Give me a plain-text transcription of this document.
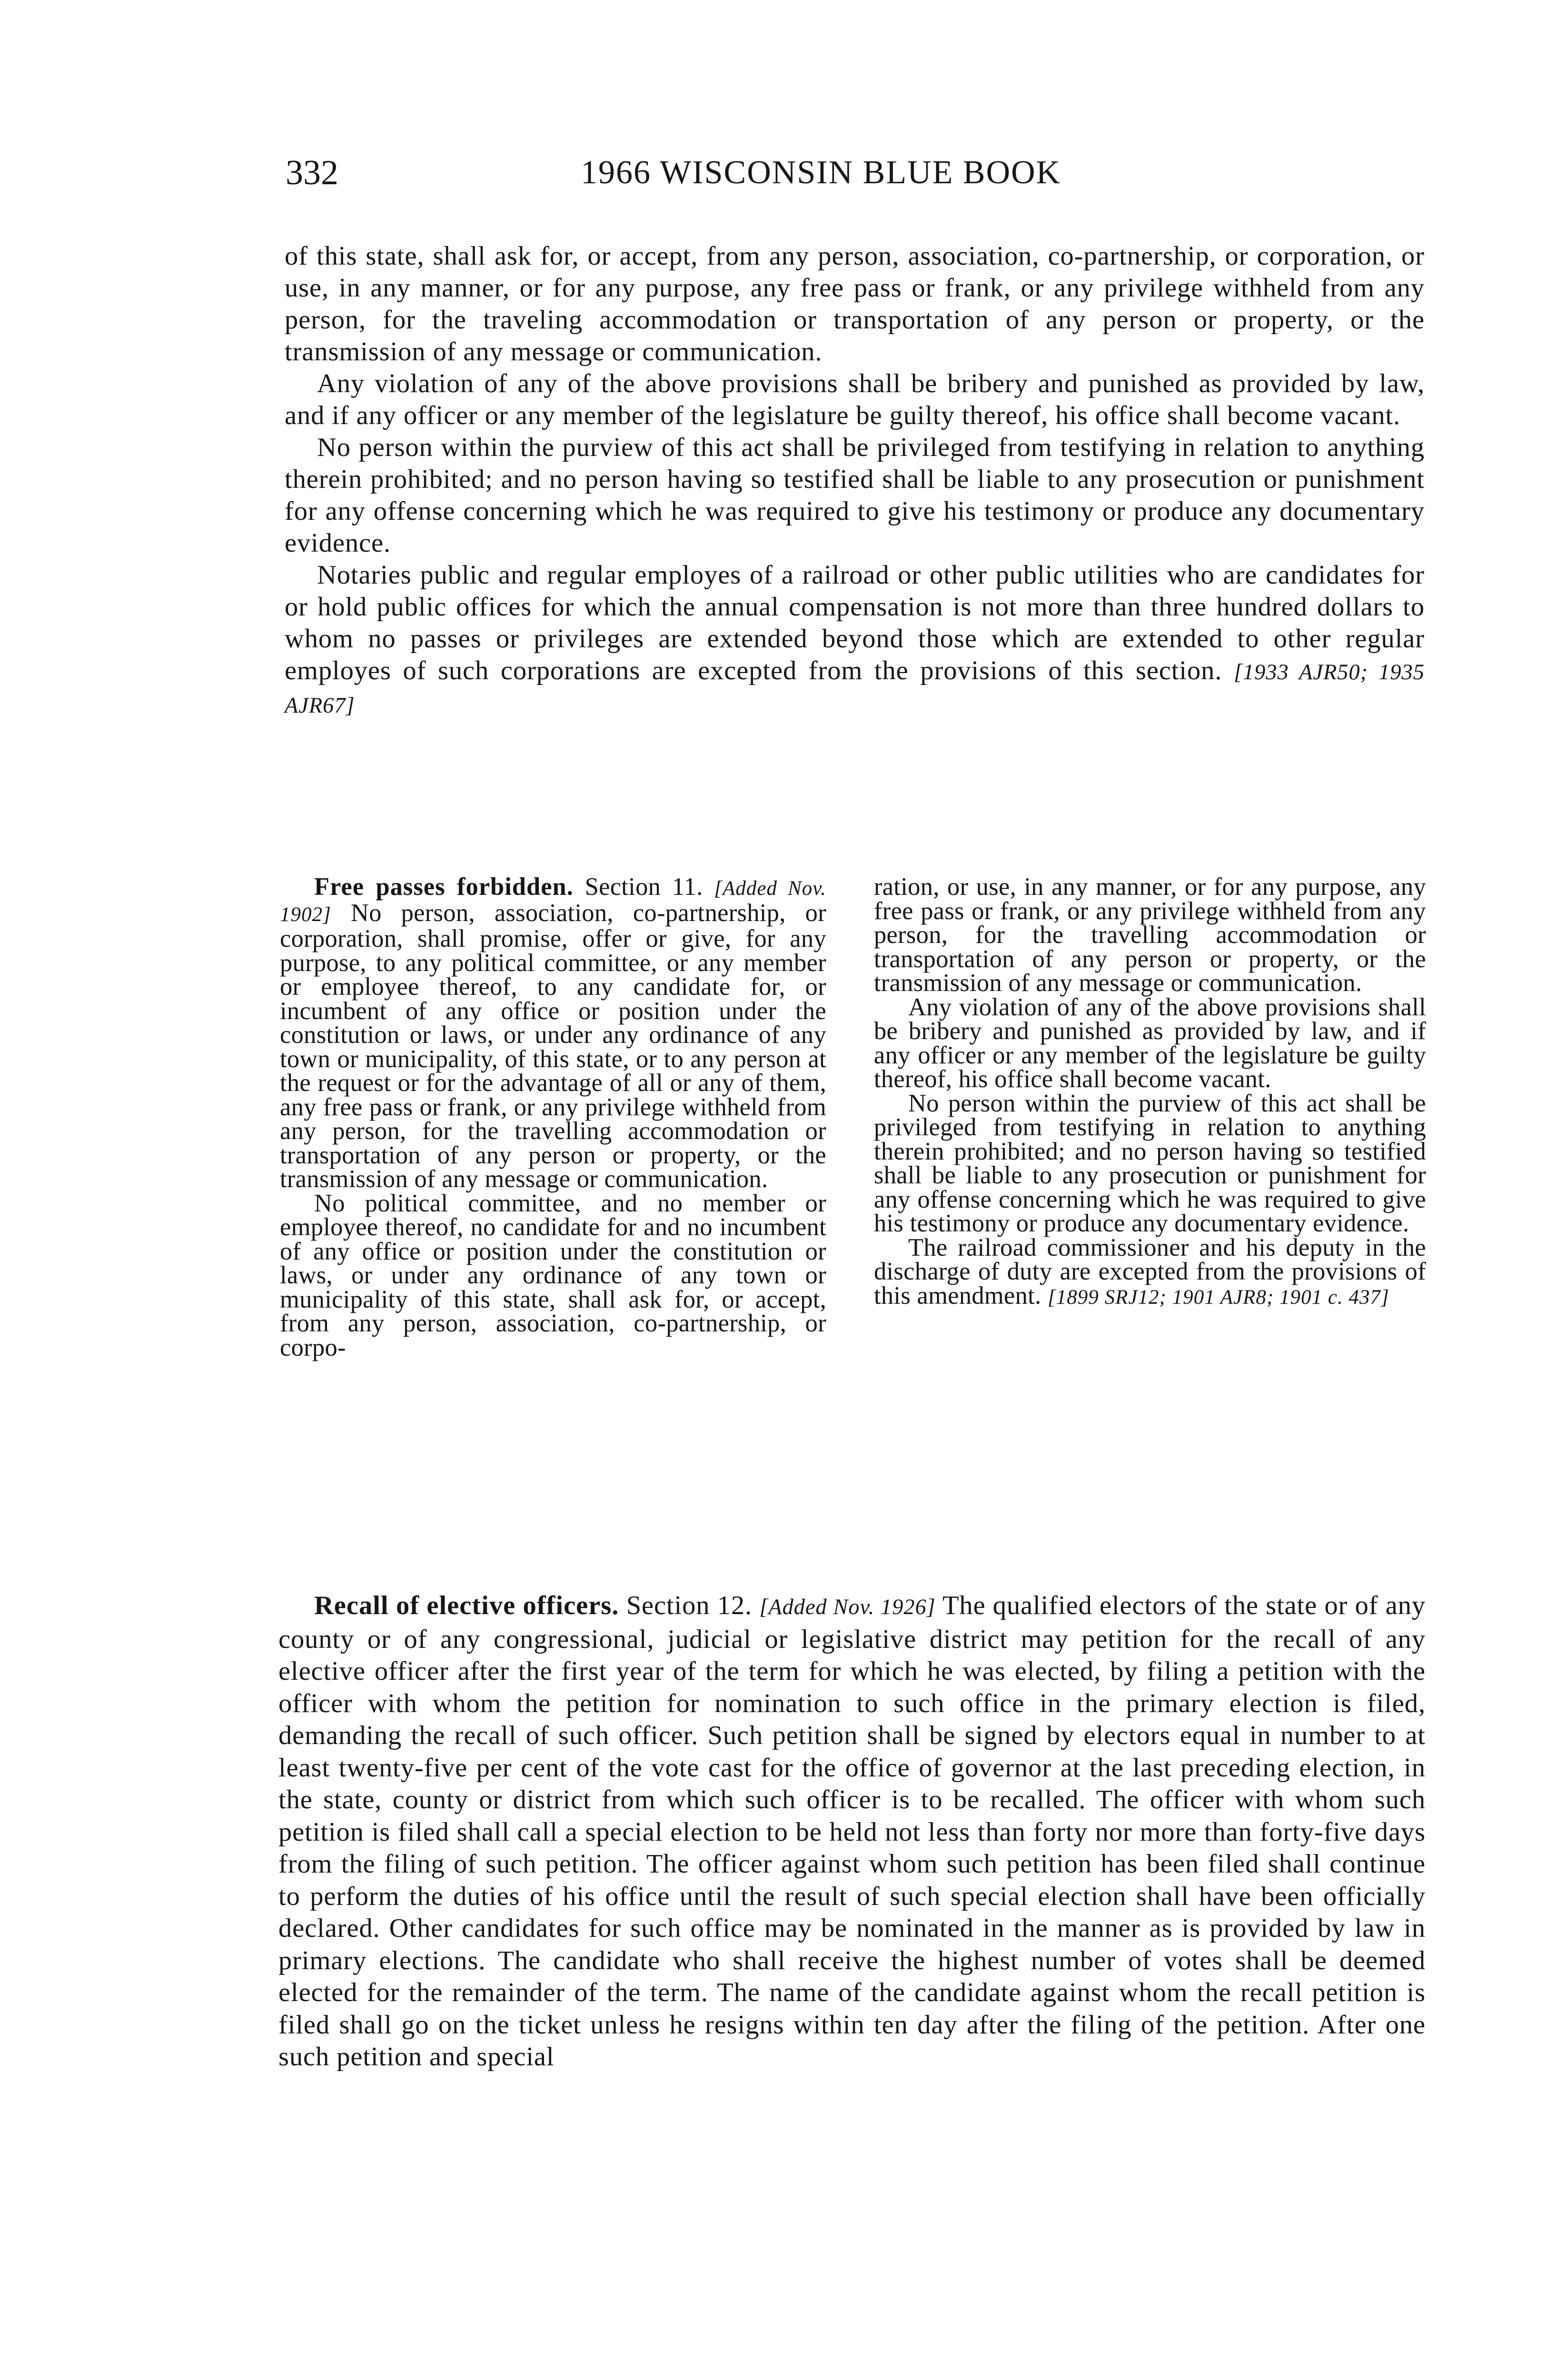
332	1966 WISCONSIN BLUE BOOK

of this state, shall ask for, or accept, from any person, association, co-partnership, or corporation, or use, in any manner, or for any purpose, any free pass or frank, or any privilege withheld from any person, for the traveling accommodation or transportation of any person or property, or the transmission of any message or communication.

Any violation of any of the above provisions shall be bribery and punished as provided by law, and if any officer or any member of the legislature be guilty thereof, his office shall become vacant.

No person within the purview of this act shall be privileged from testifying in relation to anything therein prohibited; and no person having so testified shall be liable to any prosecution or punishment for any offense concerning which he was required to give his testimony or produce any documentary evidence.

Notaries public and regular employes of a railroad or other public utilities who are candidates for or hold public offices for which the annual compensation is not more than three hundred dollars to whom no passes or privileges are extended beyond those which are extended to other regular employes of such corporations are excepted from the provisions of this section. [1933 AJR50; 1935 AJR67]

Free passes forbidden. Section 11. [Added Nov. 1902] No person, association, co-partnership, or corporation, shall promise, offer or give, for any purpose, to any political committee, or any member or employee thereof, to any candidate for, or incumbent of any office or position under the constitution or laws, or under any ordinance of any town or municipality, of this state, or to any person at the request or for the advantage of all or any of them, any free pass or frank, or any privilege withheld from any person, for the travelling accommodation or transportation of any person or property, or the transmission of any message or communication.

No political committee, and no member or employee thereof, no candidate for and no incumbent of any office or position under the constitution or laws, or under any ordinance of any town or municipality of this state, shall ask for, or accept, from any person, association, co-partnership, or corpo-

ration, or use, in any manner, or for any purpose, any free pass or frank, or any privilege withheld from any person, for the travelling accommodation or transportation of any person or property, or the transmission of any message or communication.

Any violation of any of the above provisions shall be bribery and punished as provided by law, and if any officer or any member of the legislature be guilty thereof, his office shall become vacant.

No person within the purview of this act shall be privileged from testifying in relation to anything therein prohibited; and no person having so testified shall be liable to any prosecution or punishment for any offense concerning which he was required to give his testimony or produce any documentary evidence.

The railroad commissioner and his deputy in the discharge of duty are excepted from the provisions of this amendment. [1899 SRJ12; 1901 AJR8; 1901 c. 437]

Recall of elective officers. Section 12. [Added Nov. 1926] The qualified electors of the state or of any county or of any congressional, judicial or legislative district may petition for the recall of any elective officer after the first year of the term for which he was elected, by filing a petition with the officer with whom the petition for nomination to such office in the primary election is filed, demanding the recall of such officer. Such petition shall be signed by electors equal in number to at least twenty-five per cent of the vote cast for the office of governor at the last preceding election, in the state, county or district from which such officer is to be recalled. The officer with whom such petition is filed shall call a special election to be held not less than forty nor more than forty-five days from the filing of such petition. The officer against whom such petition has been filed shall continue to perform the duties of his office until the result of such special election shall have been officially declared. Other candidates for such office may be nominated in the manner as is provided by law in primary elections. The candidate who shall receive the highest number of votes shall be deemed elected for the remainder of the term. The name of the candidate against whom the recall petition is filed shall go on the ticket unless he resigns within ten day after the filing of the petition. After one such petition and special
